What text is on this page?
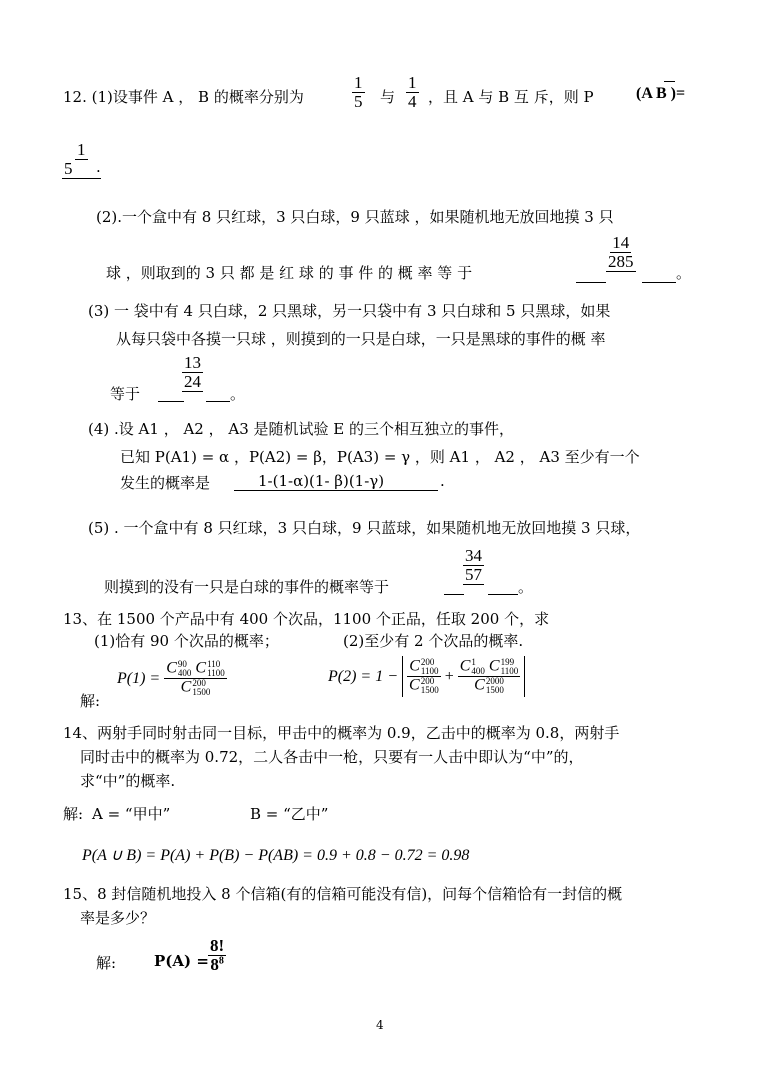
12. (1)设事件 A ， B 的概率分别为	$\frac{1}{5}$ 与 $\frac{1}{4}$ ，且 A 与 B 互 斥，则 P	(A B )=
$\frac{1}{5}$
.
(2).一个盒中有 8 只红球，3 只白球，9 只蓝球 ，如果随机地无放回地摸 3 只
球 ，则取到的 3 只 都 是 红 球 的 事 件 的 概 率 等 于
$\frac{14}{285}$
。
(3) 一 袋中有 4 只白球，2 只黑球，另一只袋中有 3 只白球和 5 只黑球，如果
从每只袋中各摸一只球 ，则摸到的一只是白球，一只是黑球的事件的概 率
等于
$\frac{13}{24}$
。
(4) .设 A1 ， A2 ， A3 是随机试验 E 的三个相互独立的事件，
已知 P(A1) = α ，P(A2) = β，P(A3) = γ ，则 A1 ， A2 ， A3 至少有一个
发生的概率是	1-(1-α)(1- β)(1-γ)	.
(5) . 一个盒中有 8 只红球，3 只白球，9 只蓝球，如果随机地无放回地摸 3 只球，
则摸到的没有一只是白球的事件的概率等于
$\frac{34}{57}$
。
13、在 1500 个产品中有 400 个次品，1100 个正品，任取 200 个，求
(1)恰有 90 个次品的概率；	(2)至少有 2 个次品的概率.
P(1) = C 90
400 C 110
1100
C 200
1500
解:
P(2) = 1 − C 200
1100
C 200
1500 + C 1
400 C 199
1100
C 2000
1500
14、两射手同时射击同一目标，甲击中的概率为 0.9，乙击中的概率为 0.8，两射手
同时击中的概率为 0.72，二人各击中一枪，只要有一人击中即认为“中”的，
求“中”的概率.
解: A = “甲中”	B = “乙中”
P(A ∪ B) = P(A) + P(B) − P(AB) = 0.9 + 0.8 − 0.72 = 0.98
15、8 封信随机地投入 8 个信箱(有的信箱可能没有信)，问每个信箱恰有一封信的概
率是多少？
解:	$P(A) = \frac{8!}{8^8}$
4
